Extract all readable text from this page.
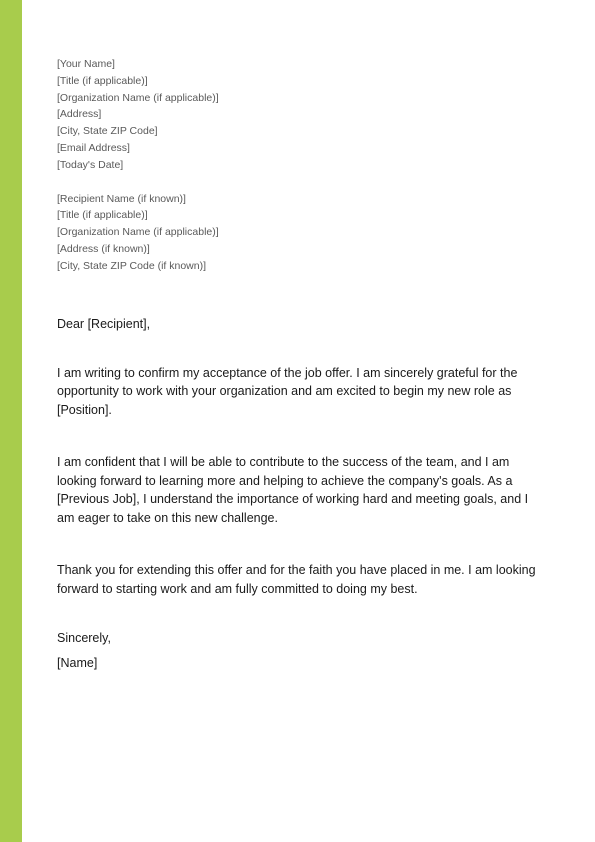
[Your Name]
[Title (if applicable)]
[Organization Name (if applicable)]
[Address]
[City, State ZIP Code]
[Email Address]
[Today's Date]
[Recipient Name (if known)]
[Title (if applicable)]
[Organization Name (if applicable)]
[Address (if known)]
[City, State ZIP Code (if known)]
Dear [Recipient],

I am writing to confirm my acceptance of the job offer. I am sincerely grateful for the opportunity to work with your organization and am excited to begin my new role as [Position].

I am confident that I will be able to contribute to the success of the team, and I am looking forward to learning more and helping to achieve the company's goals. As a [Previous Job], I understand the importance of working hard and meeting goals, and I am eager to take on this new challenge.

Thank you for extending this offer and for the faith you have placed in me. I am looking forward to starting work and am fully committed to doing my best.

Sincerely,
[Name]
